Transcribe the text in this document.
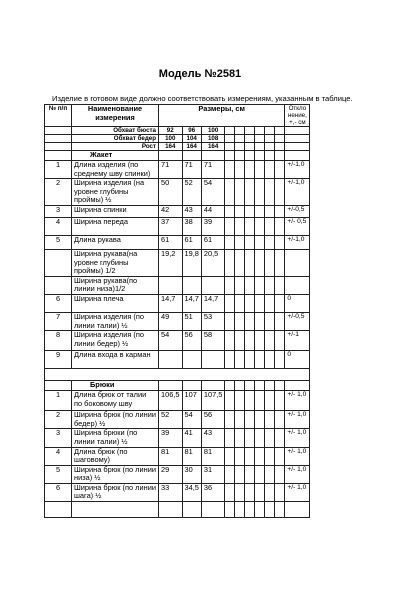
Модель №2581
Изделие в готовом виде должно соответствовать измерениям, указанным в таблице.
№ п/п	Наименование измерения	Размеры, см									Откло нение, +,- см
	Обхват бюста	92	96	100							
	Обхват бедер	100	104	108							
	Рост	164	164	164							
	Жакет										
1	Длина изделия (по среднему шву спинки)	71	71	71							+/-1,0
2	Ширина изделия (на уровне глубины проймы) ½	50	52	54							+/-1,0
3	Ширина спинки	42	43	44							+/-0,5
4	Ширина переда	37	38	39							+/- 0,5
5	Длина рукава	61	61	61							+/-1,0
	Ширина рукава(на уровне глубины проймы) 1/2	19,2	19,8	20,5							
	Ширина рукава(по линии низа)1/2										
6	Ширина плеча	14,7	14,7	14,7							0
7	Ширина изделия (по линии талии) ½	49	51	53							+/-0,5
8	Ширина изделия (по линии бедер) ½	54	56	58							+/-1
9	Длина входа в карман										0

	Брюки										
1	Длина брюк от талии по боковому шву	106,5	107	107,5							+/- 1,0
2	Ширина брюк (по линии бедер) ½	52	54	56							+/- 1,0
3	Ширина брюки (по линии талии) ½	39	41	43							+/- 1,0
4	Длина брюк (по шаговому)	81	81	81							+/- 1,0
5	Ширина брюк (по линии низа) ½	29	30	31							+/- 1,0
6	Ширина брюк (по линии шага) ½	33	34,5	36							+/- 1,0
